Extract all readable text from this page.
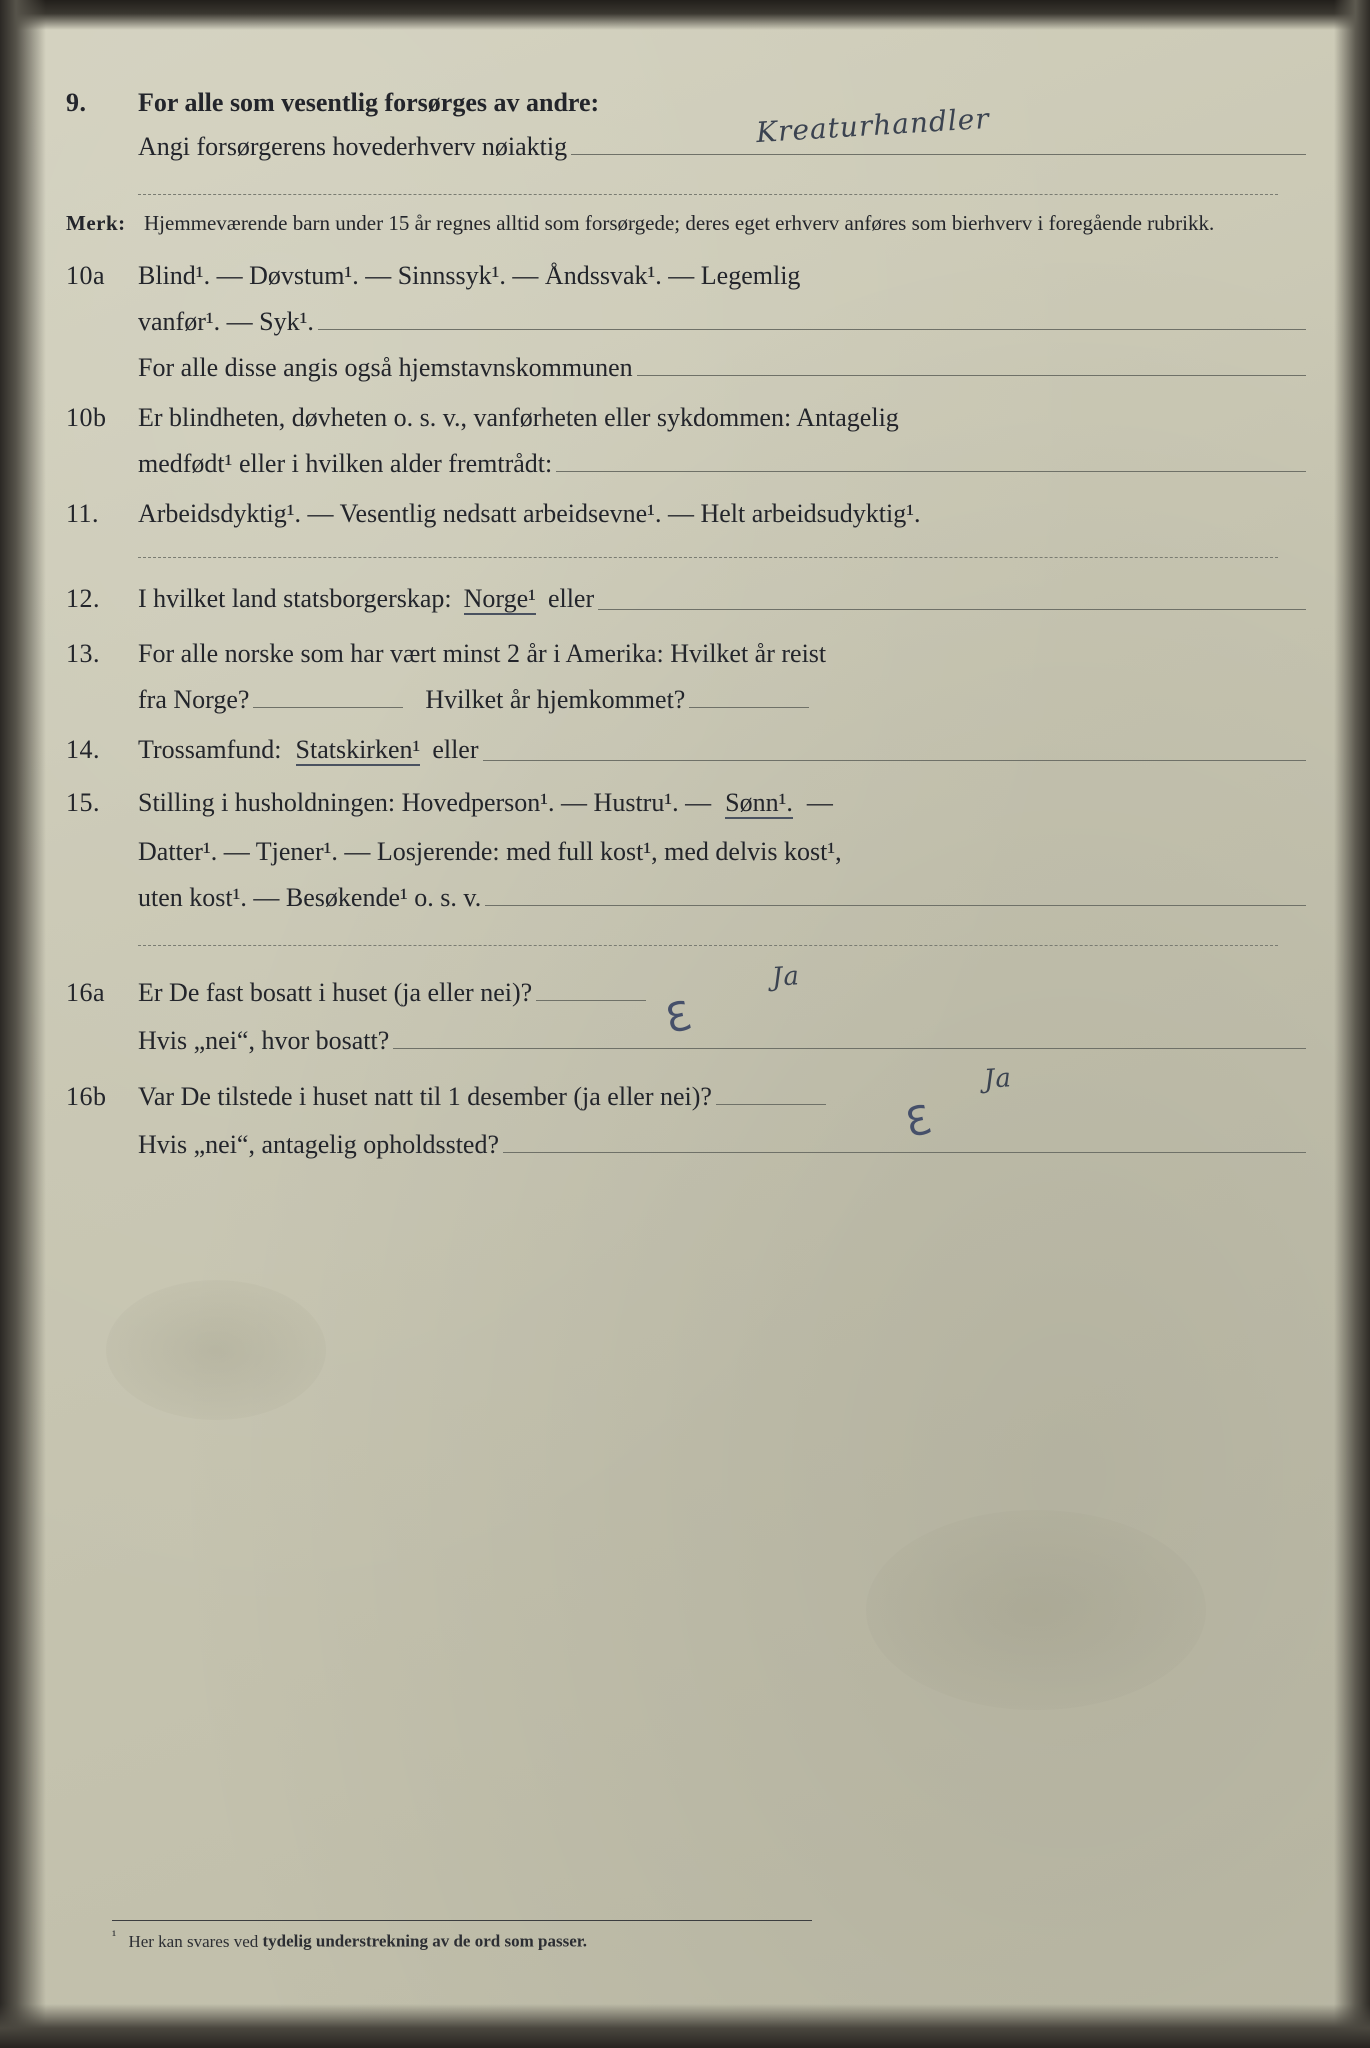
9.	For alle som vesentlig forsørges av andre:
Angi forsørgerens hovederhverv nøiaktig	Kreaturhandler
Merk: Hjemmeværende barn under 15 år regnes alltid som forsørgede; deres eget erhverv anføres som bierhverv i foregående rubrikk.
10a	Blind¹. — Døvstum¹. — Sinnssyk¹. — Åndssvak¹. — Legemlig
vanfør¹. — Syk¹.
For alle disse angis også hjemstavnskommunen
10b	Er blindheten, døvheten o. s. v., vanførheten eller sykdommen: Antagelig
medfødt¹ eller i hvilken alder fremtrådt:
11.	Arbeidsdyktig¹. — Vesentlig nedsatt arbeidsevne¹. — Helt arbeidsudyktig¹.
12.	I hvilket land statsborgerskap: Norge¹ eller
13.	For alle norske som har vært minst 2 år i Amerika: Hvilket år reist
fra Norge?	Hvilket år hjemkommet?
14.	Trossamfund: Statskirken¹ eller
15.	Stilling i husholdningen: Hovedperson¹. — Hustru¹. — Sønn¹. —
Datter¹. — Tjener¹. — Losjerende: med full kost¹, med delvis kost¹,
uten kost¹. — Besøkende¹ o. s. v.
16a	Er De fast bosatt i huset (ja eller nei)?	Ja
Hvis „nei“, hvor bosatt?	ℇ
16b	Var De tilstede i huset natt til 1 desember (ja eller nei)?
Ja
Hvis „nei“, antagelig opholdssted?	ℇ
$^{^1}$ Her kan svares ved tydelig understrekning av de ord som passer.
